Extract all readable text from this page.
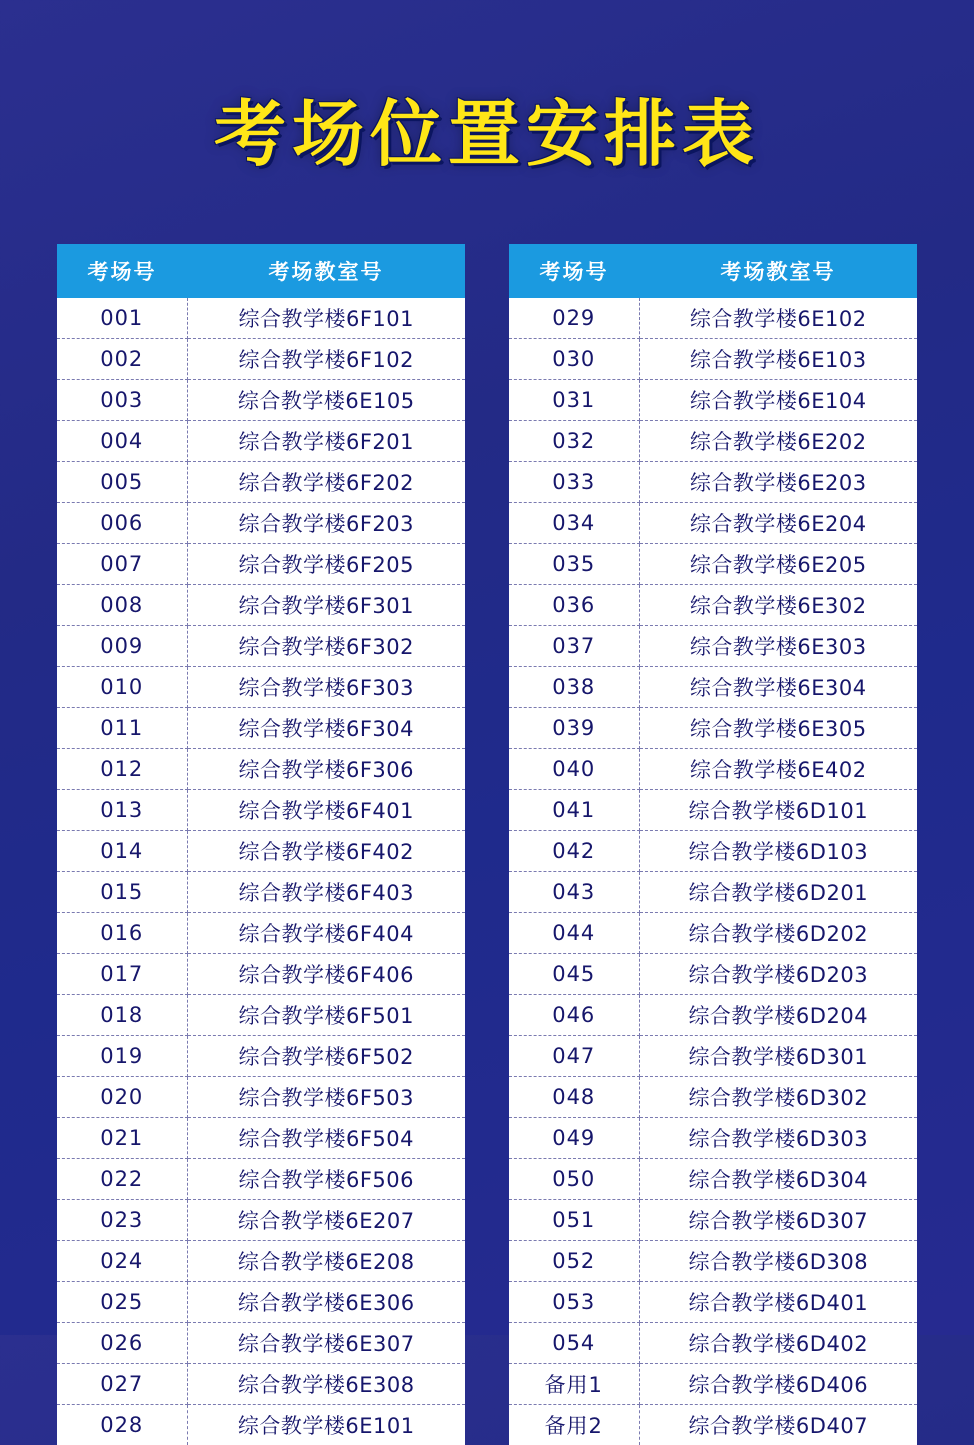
考场位置安排表
考场号	考场教室号
001	综合教学楼6F101
002	综合教学楼6F102
003	综合教学楼6E105
004	综合教学楼6F201
005	综合教学楼6F202
006	综合教学楼6F203
007	综合教学楼6F205
008	综合教学楼6F301
009	综合教学楼6F302
010	综合教学楼6F303
011	综合教学楼6F304
012	综合教学楼6F306
013	综合教学楼6F401
014	综合教学楼6F402
015	综合教学楼6F403
016	综合教学楼6F404
017	综合教学楼6F406
018	综合教学楼6F501
019	综合教学楼6F502
020	综合教学楼6F503
021	综合教学楼6F504
022	综合教学楼6F506
023	综合教学楼6E207
024	综合教学楼6E208
025	综合教学楼6E306
026	综合教学楼6E307
027	综合教学楼6E308
028	综合教学楼6E101
考场号	考场教室号
029	综合教学楼6E102
030	综合教学楼6E103
031	综合教学楼6E104
032	综合教学楼6E202
033	综合教学楼6E203
034	综合教学楼6E204
035	综合教学楼6E205
036	综合教学楼6E302
037	综合教学楼6E303
038	综合教学楼6E304
039	综合教学楼6E305
040	综合教学楼6E402
041	综合教学楼6D101
042	综合教学楼6D103
043	综合教学楼6D201
044	综合教学楼6D202
045	综合教学楼6D203
046	综合教学楼6D204
047	综合教学楼6D301
048	综合教学楼6D302
049	综合教学楼6D303
050	综合教学楼6D304
051	综合教学楼6D307
052	综合教学楼6D308
053	综合教学楼6D401
054	综合教学楼6D402
备用1	综合教学楼6D406
备用2	综合教学楼6D407
